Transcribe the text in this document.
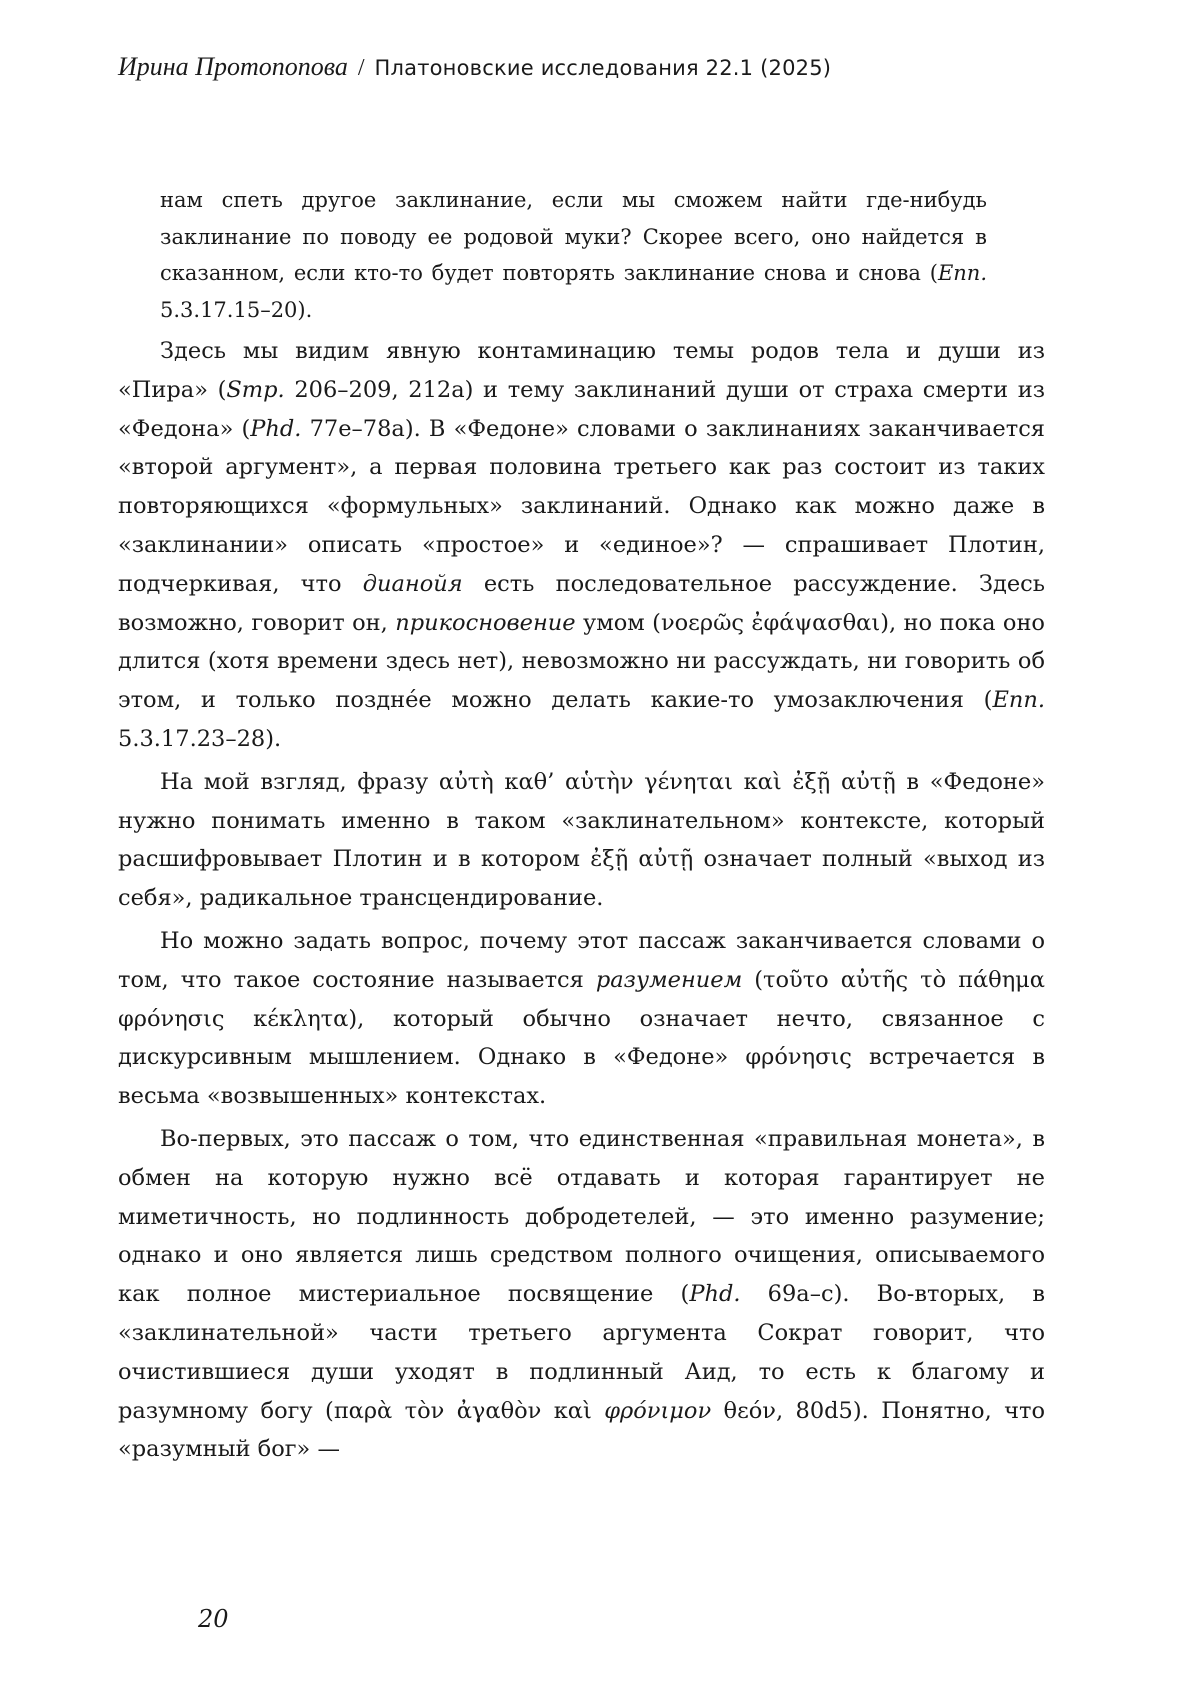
Ирина Протопопова / Платоновские исследования 22.1 (2025)

нам спеть другое заклинание, если мы сможем найти где-нибудь заклинание по поводу ее родовой муки? Скорее всего, оно найдется в сказанном, если кто-то будет повторять заклинание снова и снова (Enn. 5.3.17.15–20).

Здесь мы видим явную контаминацию темы родов тела и души из «Пира» (Smp. 206–209, 212a) и тему заклинаний души от страха смерти из «Федона» (Phd. 77e–78a). В «Федоне» словами о заклинаниях заканчивается «второй аргумент», а первая половина третьего как раз состоит из таких повторяющихся «формульных» заклинаний. Однако как можно даже в «заклинании» описать «простое» и «единое»? — спрашивает Плотин, подчеркивая, что дианойя есть последовательное рассуждение. Здесь возможно, говорит он, прикосновение умом (νοερῶς ἐφάψασθαι), но пока оно длится (хотя времени здесь нет), невозможно ни рассуждать, ни говорить об этом, и только позднéе можно делать какие-то умозаключения (Enn. 5.3.17.23–28).

На мой взгляд, фразу αὐτὴ καθ’ αὑτὴν γένηται καὶ ἐξῇ αὐτῇ в «Федоне» нужно понимать именно в таком «заклинательном» контексте, который расшифровывает Плотин и в котором ἐξῇ αὐτῇ означает полный «выход из себя», радикальное трансцендирование.

Но можно задать вопрос, почему этот пассаж заканчивается словами о том, что такое состояние называется разумением (τοῦτο αὐτῆς τὸ πάθημα φρόνησις κέκλητα), который обычно означает нечто, связанное с дискурсивным мышлением. Однако в «Федоне» φρόνησις встречается в весьма «возвышенных» контекстах.

Во-первых, это пассаж о том, что единственная «правильная монета», в обмен на которую нужно всё отдавать и которая гарантирует не миметичность, но подлинность добродетелей, — это именно разумение; однако и оно является лишь средством полного очищения, описываемого как полное мистериальное посвящение (Phd. 69a–c). Во-вторых, в «заклинательной» части третьего аргумента Сократ говорит, что очистившиеся души уходят в подлинный Аид, то есть к благому и разумному богу (παρὰ τὸν ἀγαθὸν καὶ φρόνιμον θεόν, 80d5). Понятно, что «разумный бог» —

20
